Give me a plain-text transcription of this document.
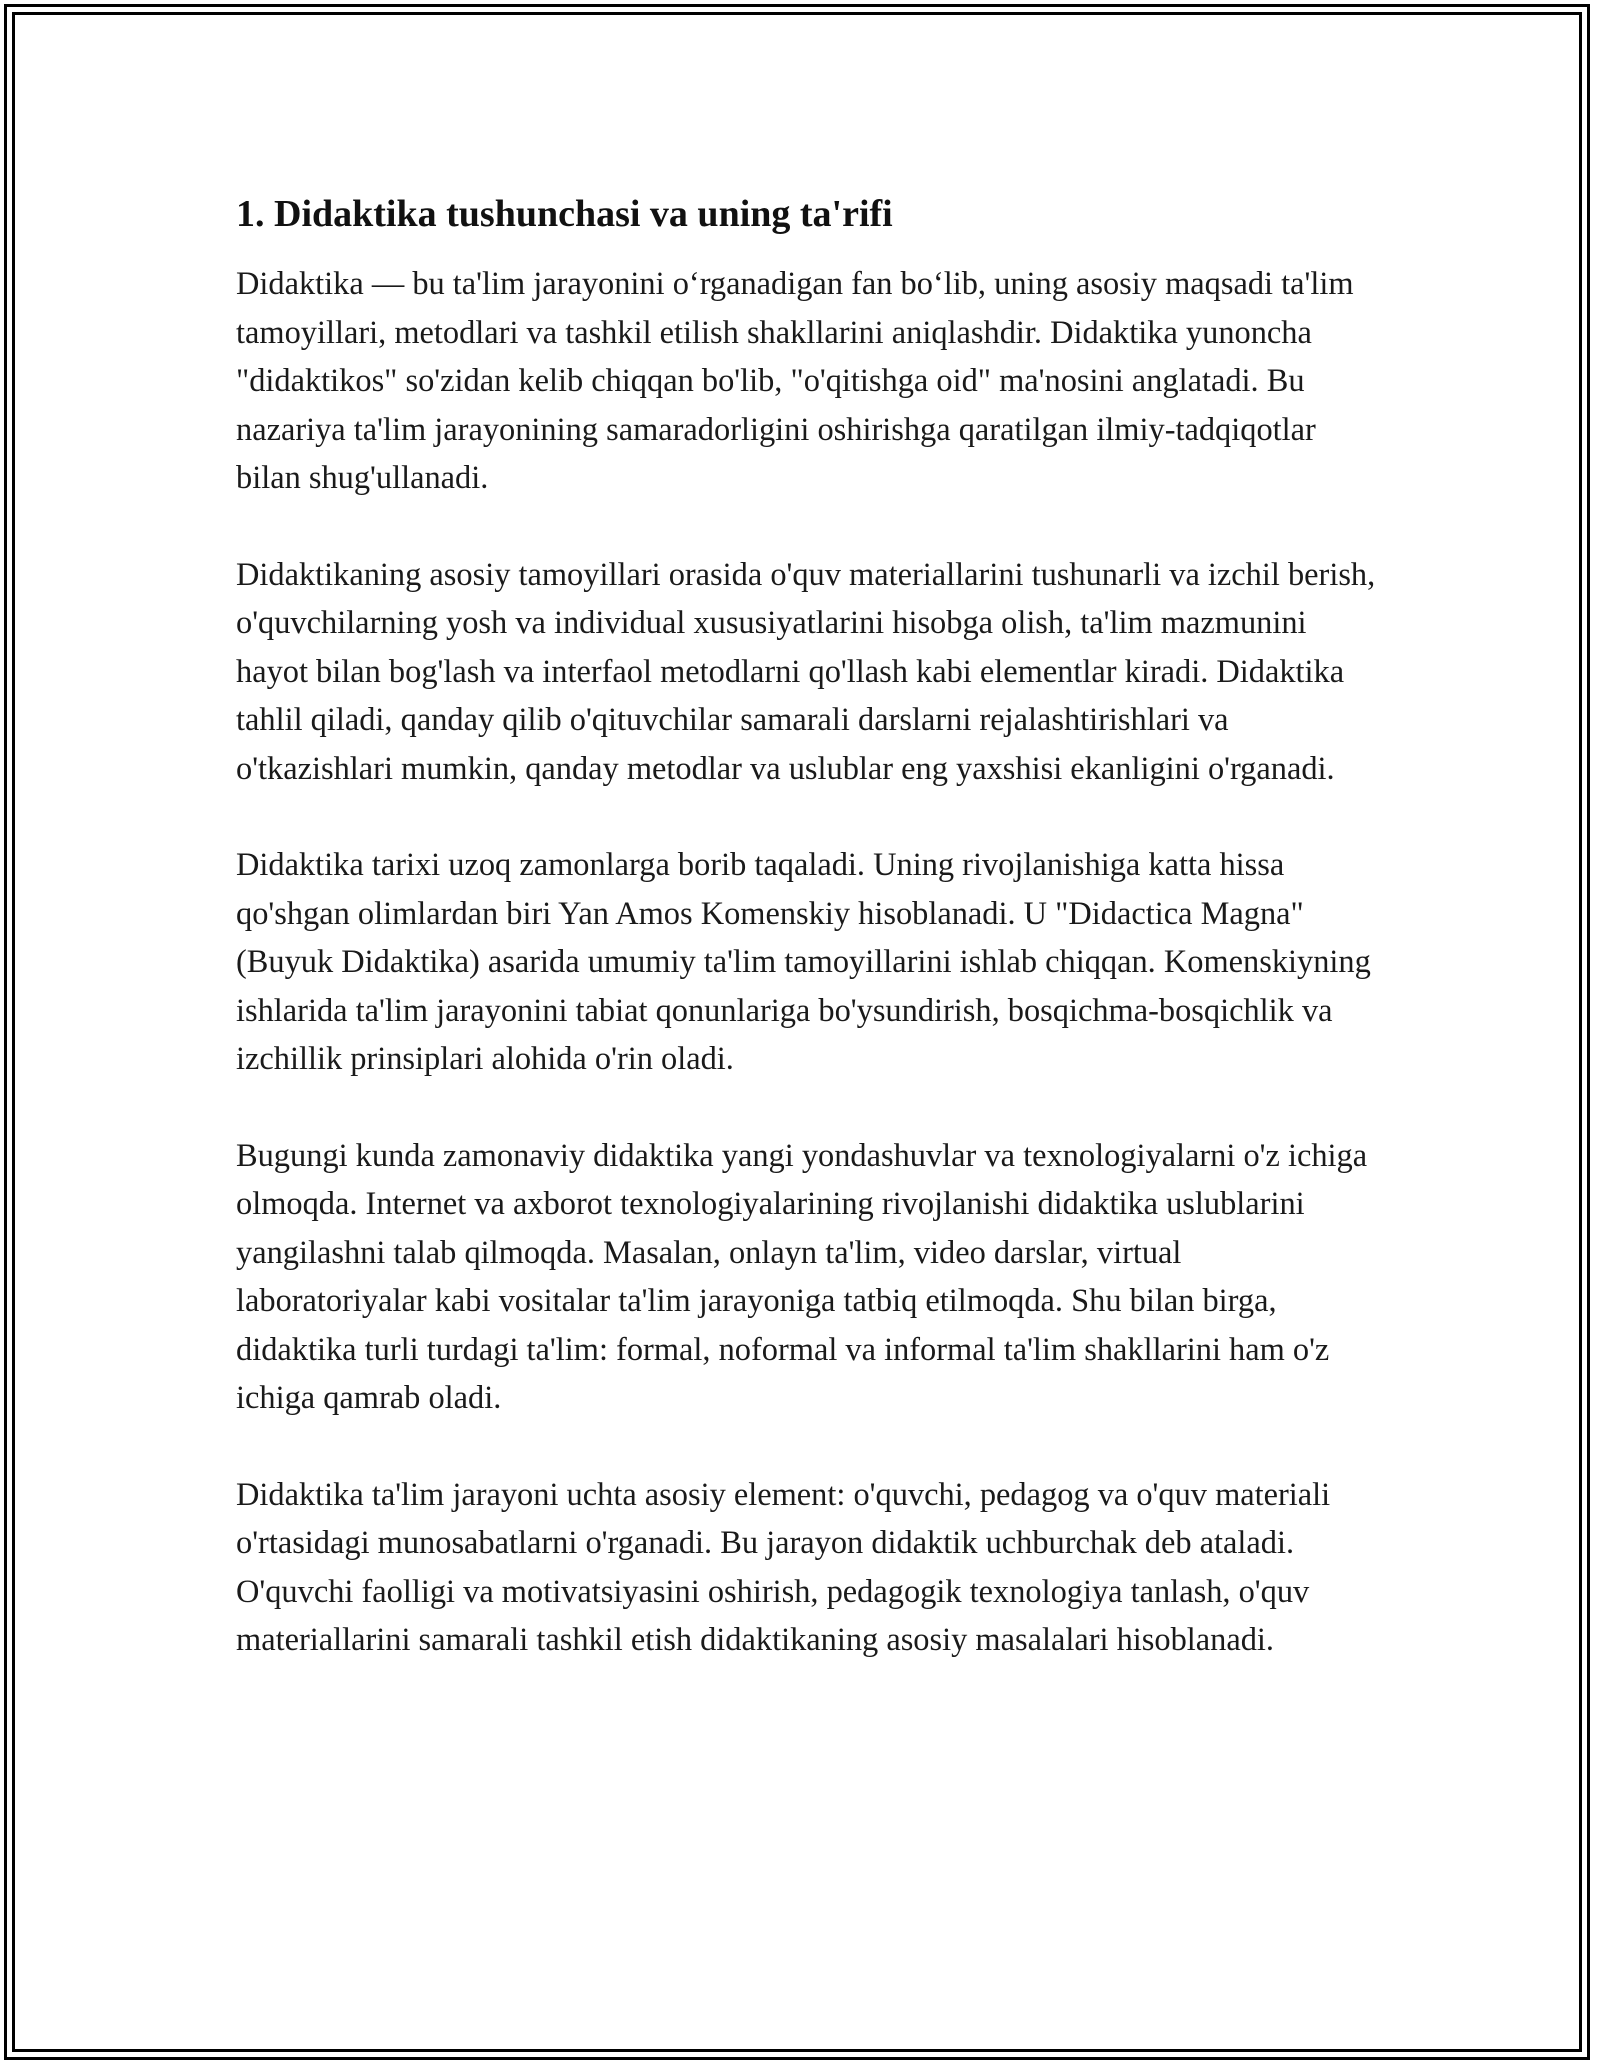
1. Didaktika tushunchasi va uning ta'rifi

Didaktika — bu ta'lim jarayonini o‘rganadigan fan bo‘lib, uning asosiy maqsadi ta'lim tamoyillari, metodlari va tashkil etilish shakllarini aniqlashdir. Didaktika yunoncha "didaktikos" so'zidan kelib chiqqan bo'lib, "o'qitishga oid" ma'nosini anglatadi. Bu nazariya ta'lim jarayonining samaradorligini oshirishga qaratilgan ilmiy-tadqiqotlar bilan shug'ullanadi.

Didaktikaning asosiy tamoyillari orasida o'quv materiallarini tushunarli va izchil berish, o'quvchilarning yosh va individual xususiyatlarini hisobga olish, ta'lim mazmunini hayot bilan bog'lash va interfaol metodlarni qo'llash kabi elementlar kiradi. Didaktika tahlil qiladi, qanday qilib o'qituvchilar samarali darslarni rejalashtirishlari va o'tkazishlari mumkin, qanday metodlar va uslublar eng yaxshisi ekanligini o'rganadi.

Didaktika tarixi uzoq zamonlarga borib taqaladi. Uning rivojlanishiga katta hissa qo'shgan olimlardan biri Yan Amos Komenskiy hisoblanadi. U "Didactica Magna" (Buyuk Didaktika) asarida umumiy ta'lim tamoyillarini ishlab chiqqan. Komenskiyning ishlarida ta'lim jarayonini tabiat qonunlariga bo'ysundirish, bosqichma-bosqichlik va izchillik prinsiplari alohida o'rin oladi.

Bugungi kunda zamonaviy didaktika yangi yondashuvlar va texnologiyalarni o'z ichiga olmoqda. Internet va axborot texnologiyalarining rivojlanishi didaktika uslublarini yangilashni talab qilmoqda. Masalan, onlayn ta'lim, video darslar, virtual laboratoriyalar kabi vositalar ta'lim jarayoniga tatbiq etilmoqda. Shu bilan birga, didaktika turli turdagi ta'lim: formal, noformal va informal ta'lim shakllarini ham o'z ichiga qamrab oladi.

Didaktika ta'lim jarayoni uchta asosiy element: o'quvchi, pedagog va o'quv materiali o'rtasidagi munosabatlarni o'rganadi. Bu jarayon didaktik uchburchak deb ataladi. O'quvchi faolligi va motivatsiyasini oshirish, pedagogik texnologiya tanlash, o'quv materiallarini samarali tashkil etish didaktikaning asosiy masalalari hisoblanadi.
